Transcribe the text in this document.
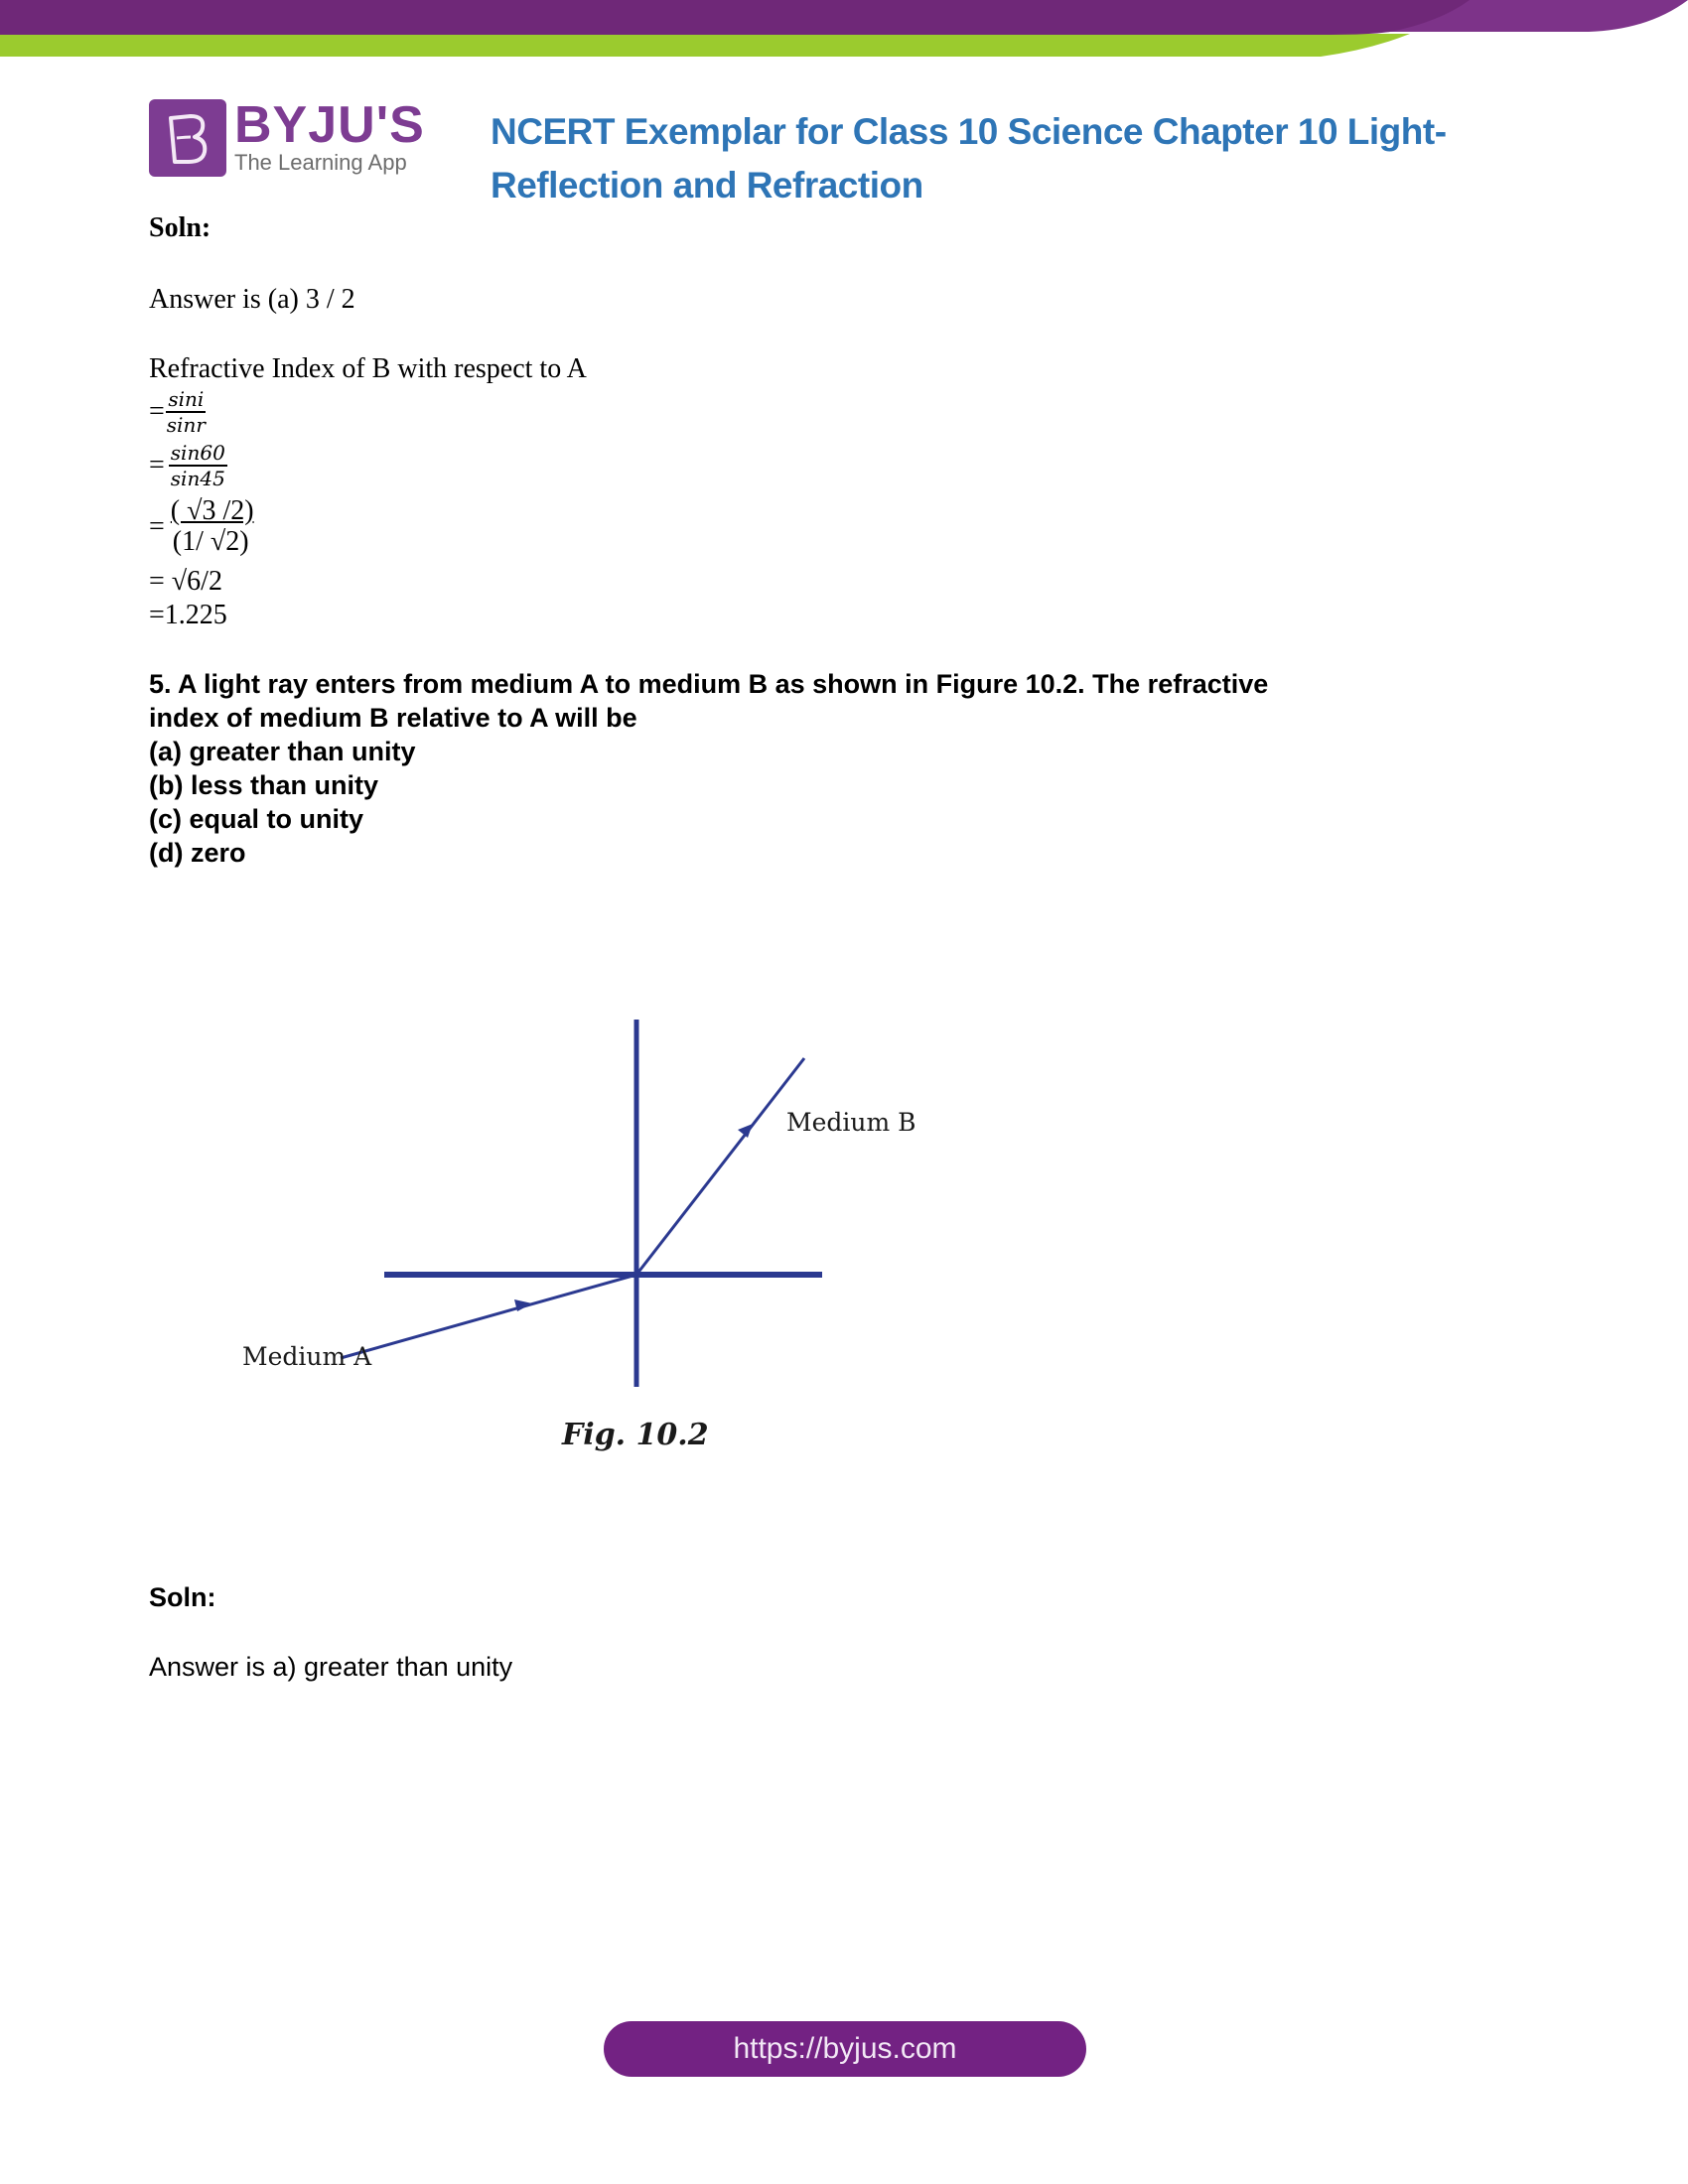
BYJU'S
The Learning App
NCERT Exemplar for Class 10 Science Chapter 10 Light-
Reflection and Refraction
Soln:
Answer is (a) 3 / 2
Refractive Index of B with respect to A
= $\frac{\sin i}{\sin r}$
= $\frac{\sin 60}{\sin 45}$
= $\frac{( √3 /2)}{(1/ √2)}$
= √6/2
=1.225

5. A light ray enters from medium A to medium B as shown in Figure 10.2. The refractive

index of medium B relative to A will be

(a) greater than unity

(b) less than unity

(c) equal to unity

(d) zero

Medium B
Medium A
Fig. 10.2
Soln:
Answer is a) greater than unity
https://byjus.com
